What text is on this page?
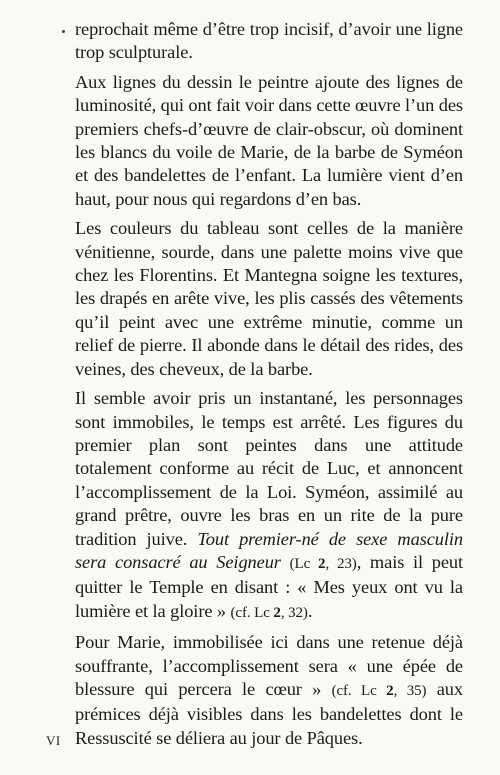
reprochait même d’être trop incisif, d’avoir une ligne trop sculpturale.

Aux lignes du dessin le peintre ajoute des lignes de luminosité, qui ont fait voir dans cette œuvre l’un des premiers chefs-d’œuvre de clair-obscur, où dominent les blancs du voile de Marie, de la barbe de Syméon et des bandelettes de l’enfant. La lumière vient d’en haut, pour nous qui regardons d’en bas.

Les couleurs du tableau sont celles de la manière vénitienne, sourde, dans une palette moins vive que chez les Florentins. Et Mantegna soigne les textures, les drapés en arête vive, les plis cassés des vêtements qu’il peint avec une extrême minutie, comme un relief de pierre. Il abonde dans le détail des rides, des veines, des cheveux, de la barbe.

Il semble avoir pris un instantané, les personnages sont immobiles, le temps est arrêté. Les figures du premier plan sont peintes dans une attitude totalement conforme au récit de Luc, et annoncent l’accomplissement de la Loi. Syméon, assimilé au grand prêtre, ouvre les bras en un rite de la pure tradition juive. Tout premier-né de sexe masculin sera consacré au Seigneur (Lc 2, 23), mais il peut quitter le Temple en disant : « Mes yeux ont vu la lumière et la gloire » (cf. Lc 2, 32).

Pour Marie, immobilisée ici dans une retenue déjà souffrante, l’accomplissement sera « une épée de blessure qui percera le cœur » (cf. Lc 2, 35) aux prémices déjà visibles dans les bandelettes dont le Ressuscité se déliera au jour de Pâques.

VI
